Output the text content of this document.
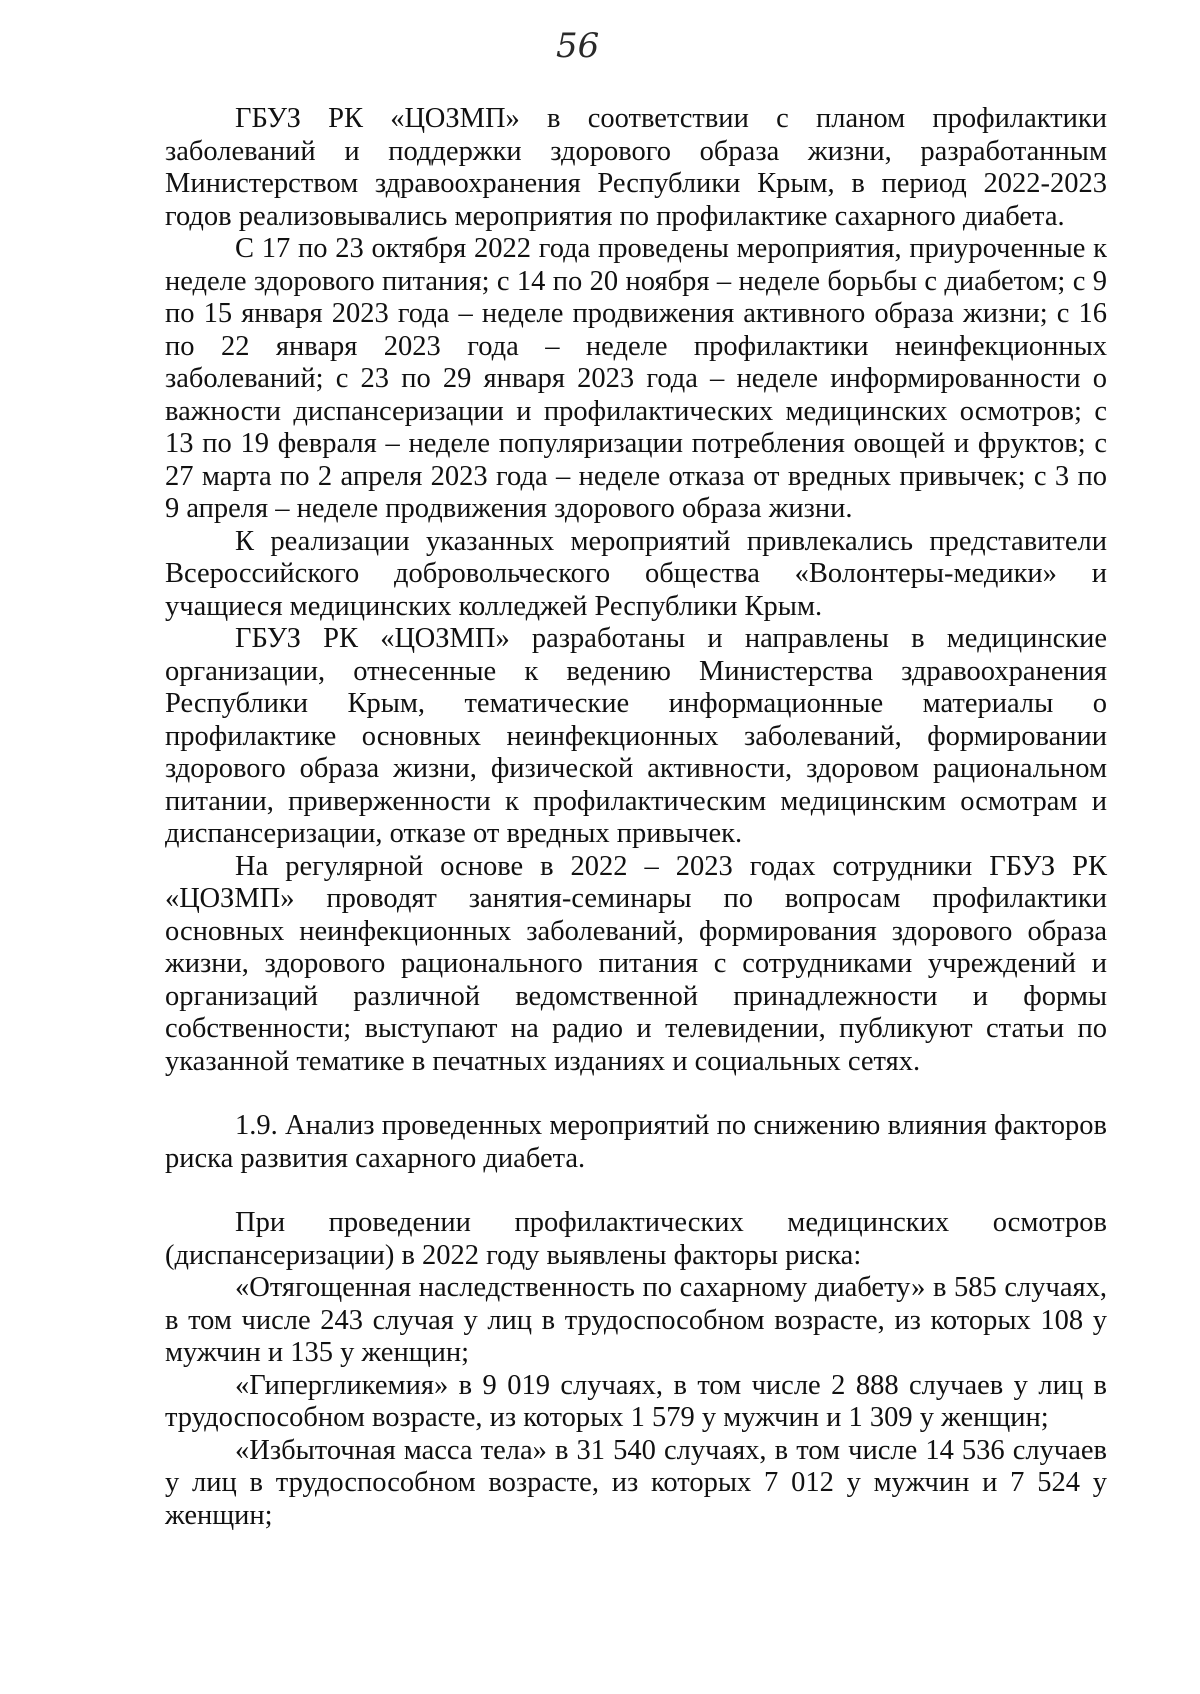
56

ГБУЗ РК «ЦОЗМП» в соответствии с планом профилактики заболеваний и поддержки здорового образа жизни, разработанным Министерством здравоохранения Республики Крым, в период 2022-2023 годов реализовывались мероприятия по профилактике сахарного диабета.

С 17 по 23 октября 2022 года проведены мероприятия, приуроченные к неделе здорового питания; с 14 по 20 ноября – неделе борьбы с диабетом; с 9 по 15 января 2023 года – неделе продвижения активного образа жизни; с 16 по 22 января 2023 года – неделе профилактики неинфекционных заболеваний; с 23 по 29 января 2023 года – неделе информированности о важности диспансеризации и профилактических медицинских осмотров; с 13 по 19 февраля – неделе популяризации потребления овощей и фруктов; с 27 марта по 2 апреля 2023 года – неделе отказа от вредных привычек; с 3 по 9 апреля – неделе продвижения здорового образа жизни.

К реализации указанных мероприятий привлекались представители Всероссийского добровольческого общества «Волонтеры-медики» и учащиеся медицинских колледжей Республики Крым.

ГБУЗ РК «ЦОЗМП» разработаны и направлены в медицинские организации, отнесенные к ведению Министерства здравоохранения Республики Крым, тематические информационные материалы о профилактике основных неинфекционных заболеваний, формировании здорового образа жизни, физической активности, здоровом рациональном питании, приверженности к профилактическим медицинским осмотрам и диспансеризации, отказе от вредных привычек.

На регулярной основе в 2022 – 2023 годах сотрудники ГБУЗ РК «ЦОЗМП» проводят занятия-семинары по вопросам профилактики основных неинфекционных заболеваний, формирования здорового образа жизни, здорового рационального питания с сотрудниками учреждений и организаций различной ведомственной принадлежности и формы собственности; выступают на радио и телевидении, публикуют статьи по указанной тематике в печатных изданиях и социальных сетях.

1.9. Анализ проведенных мероприятий по снижению влияния факторов риска развития сахарного диабета.

При проведении профилактических медицинских осмотров (диспансеризации) в 2022 году выявлены факторы риска:

«Отягощенная наследственность по сахарному диабету» в 585 случаях, в том числе 243 случая у лиц в трудоспособном возрасте, из которых 108 у мужчин и 135 у женщин;

«Гипергликемия» в 9 019 случаях, в том числе 2 888 случаев у лиц в трудоспособном возрасте, из которых 1 579 у мужчин и 1 309 у женщин;

«Избыточная масса тела» в 31 540 случаях, в том числе 14 536 случаев у лиц в трудоспособном возрасте, из которых 7 012 у мужчин и 7 524 у женщин;
